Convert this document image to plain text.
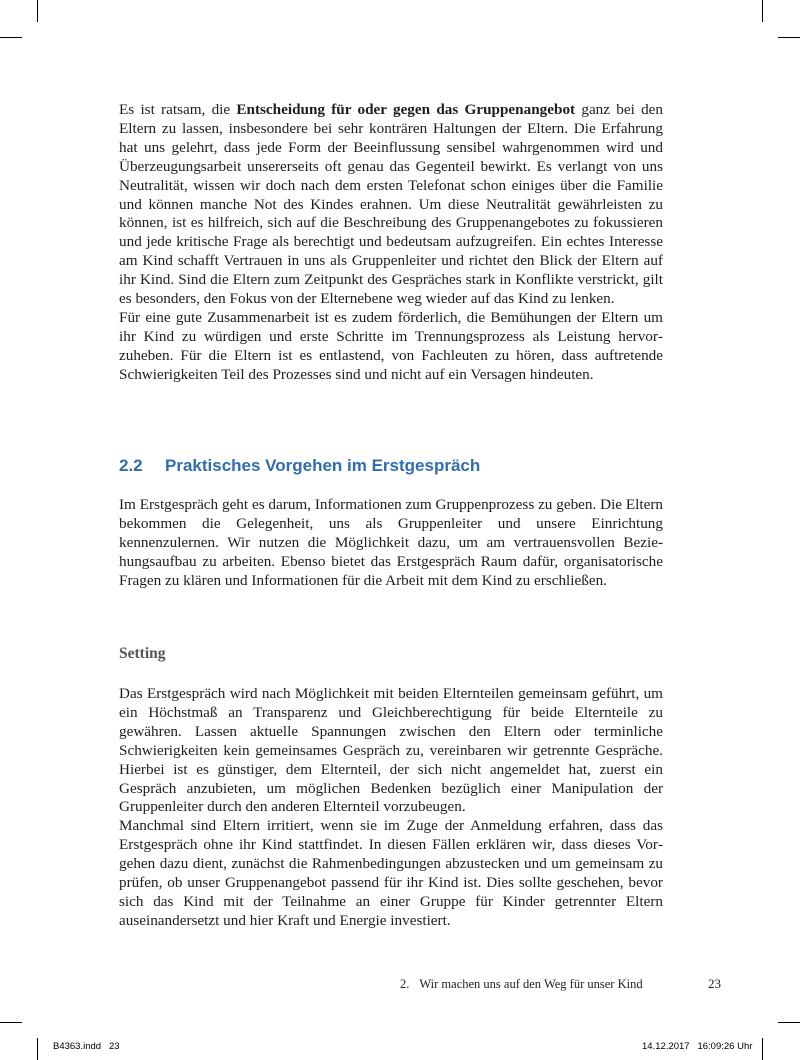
Es ist ratsam, die Entscheidung für oder gegen das Gruppenangebot ganz bei den Eltern zu lassen, insbesondere bei sehr konträren Haltungen der Eltern. Die Erfahrung hat uns gelehrt, dass jede Form der Beeinflussung sensibel wahrgenommen wird und Überzeugungsarbeit unsererseits oft genau das Gegenteil bewirkt. Es verlangt von uns Neutralität, wissen wir doch nach dem ersten Telefonat schon einiges über die Familie und können manche Not des Kindes erahnen. Um diese Neutralität gewährleisten zu können, ist es hilfreich, sich auf die Beschreibung des Gruppenangebotes zu fokussieren und jede kritische Frage als berechtigt und bedeutsam aufzugreifen. Ein echtes Interesse am Kind schafft Vertrauen in uns als Gruppenleiter und richtet den Blick der Eltern auf ihr Kind. Sind die Eltern zum Zeitpunkt des Gespräches stark in Konflikte verstrickt, gilt es besonders, den Fokus von der Elternebene weg wieder auf das Kind zu lenken.

Für eine gute Zusammenarbeit ist es zudem förderlich, die Bemühungen der Eltern um ihr Kind zu würdigen und erste Schritte im Trennungsprozess als Leistung hervorzuheben. Für die Eltern ist es entlastend, von Fachleuten zu hören, dass auftretende Schwierigkeiten Teil des Prozesses sind und nicht auf ein Versagen hindeuten.

2.2 Praktisches Vorgehen im Erstgespräch

Im Erstgespräch geht es darum, Informationen zum Gruppenprozess zu geben. Die Eltern bekommen die Gelegenheit, uns als Gruppenleiter und unsere Einrichtung kennenzulernen. Wir nutzen die Möglichkeit dazu, um am vertrauensvollen Beziehungsaufbau zu arbeiten. Ebenso bietet das Erstgespräch Raum dafür, organisatorische Fragen zu klären und Informationen für die Arbeit mit dem Kind zu erschließen.

Setting

Das Erstgespräch wird nach Möglichkeit mit beiden Elternteilen gemeinsam geführt, um ein Höchstmaß an Transparenz und Gleichberechtigung für beide Elternteile zu gewähren. Lassen aktuelle Spannungen zwischen den Eltern oder terminliche Schwierigkeiten kein gemeinsames Gespräch zu, vereinbaren wir getrennte Gespräche. Hierbei ist es günstiger, dem Elternteil, der sich nicht angemeldet hat, zuerst ein Gespräch anzubieten, um möglichen Bedenken bezüglich einer Manipulation der Gruppenleiter durch den anderen Elternteil vorzubeugen.

Manchmal sind Eltern irritiert, wenn sie im Zuge der Anmeldung erfahren, dass das Erstgespräch ohne ihr Kind stattfindet. In diesen Fällen erklären wir, dass dieses Vorgehen dazu dient, zunächst die Rahmenbedingungen abzustecken und um gemeinsam zu prüfen, ob unser Gruppenangebot passend für ihr Kind ist. Dies sollte geschehen, bevor sich das Kind mit der Teilnahme an einer Gruppe für Kinder getrennter Eltern auseinandersetzt und hier Kraft und Energie investiert.

2. Wir machen uns auf den Weg für unser Kind	23
B4363.indd   23	14.12.2017   16:09:26 Uhr
